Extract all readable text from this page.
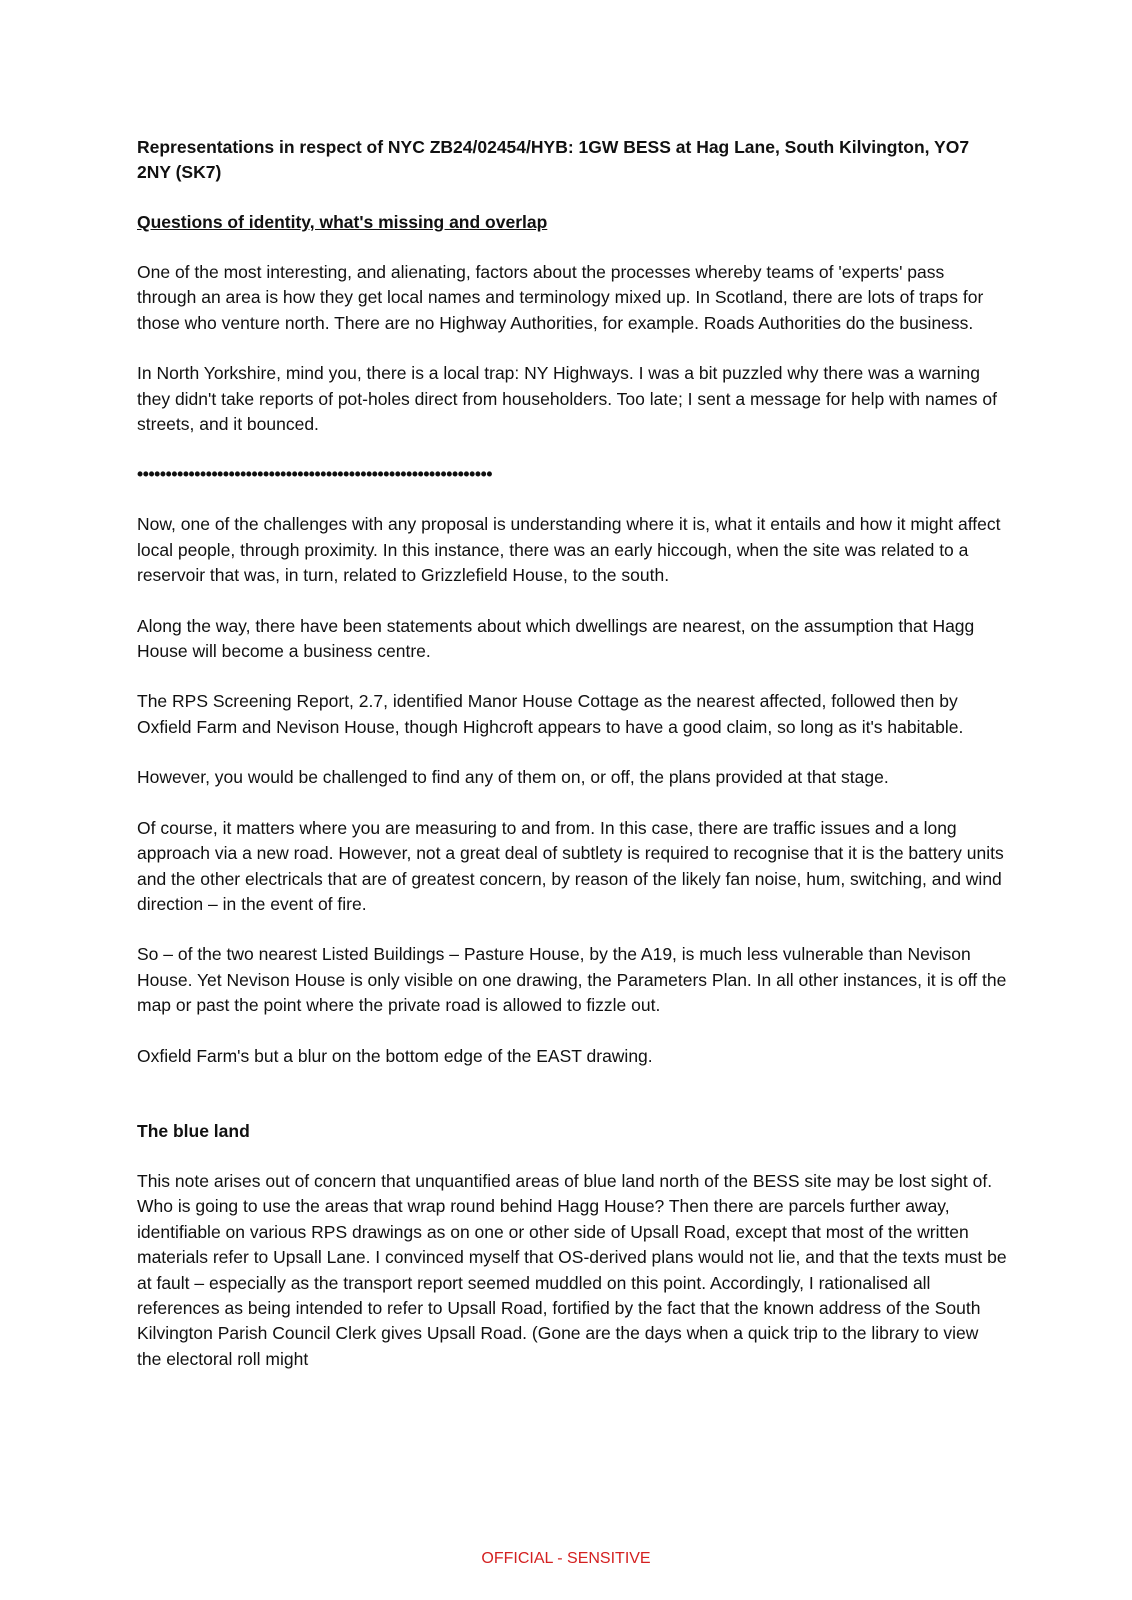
Representations in respect of NYC ZB24/02454/HYB: 1GW BESS at Hag Lane, South Kilvington, YO7 2NY (SK7)
Questions of identity, what's missing and overlap

One of the most interesting, and alienating, factors about the processes whereby teams of 'experts' pass through an area is how they get local names and terminology mixed up. In Scotland, there are lots of traps for those who venture north. There are no Highway Authorities, for example. Roads Authorities do the business.

In North Yorkshire, mind you, there is a local trap: NY Highways. I was a bit puzzled why there was a warning they didn't take reports of pot-holes direct from householders. Too late; I sent a message for help with names of streets, and it bounced.

••••••••••••••••••••••••••••••••••••••••••••••••••••••••••••••

Now, one of the challenges with any proposal is understanding where it is, what it entails and how it might affect local people, through proximity. In this instance, there was an early hiccough, when the site was related to a reservoir that was, in turn, related to Grizzlefield House, to the south.

Along the way, there have been statements about which dwellings are nearest, on the assumption that Hagg House will become a business centre.

The RPS Screening Report, 2.7, identified Manor House Cottage as the nearest affected, followed then by Oxfield Farm and Nevison House, though Highcroft appears to have a good claim, so long as it's habitable.

However, you would be challenged to find any of them on, or off, the plans provided at that stage.

Of course, it matters where you are measuring to and from. In this case, there are traffic issues and a long approach via a new road. However, not a great deal of subtlety is required to recognise that it is the battery units and the other electricals that are of greatest concern, by reason of the likely fan noise, hum, switching, and wind direction – in the event of fire.

So – of the two nearest Listed Buildings – Pasture House, by the A19, is much less vulnerable than Nevison House. Yet Nevison House is only visible on one drawing, the Parameters Plan. In all other instances, it is off the map or past the point where the private road is allowed to fizzle out.

Oxfield Farm's but a blur on the bottom edge of the EAST drawing.

The blue land

This note arises out of concern that unquantified areas of blue land north of the BESS site may be lost sight of. Who is going to use the areas that wrap round behind Hagg House? Then there are parcels further away, identifiable on various RPS drawings as on one or other side of Upsall Road, except that most of the written materials refer to Upsall Lane. I convinced myself that OS-derived plans would not lie, and that the texts must be at fault – especially as the transport report seemed muddled on this point. Accordingly, I rationalised all references as being intended to refer to Upsall Road, fortified by the fact that the known address of the South Kilvington Parish Council Clerk gives Upsall Road. (Gone are the days when a quick trip to the library to view the electoral roll might

OFFICIAL - SENSITIVE
